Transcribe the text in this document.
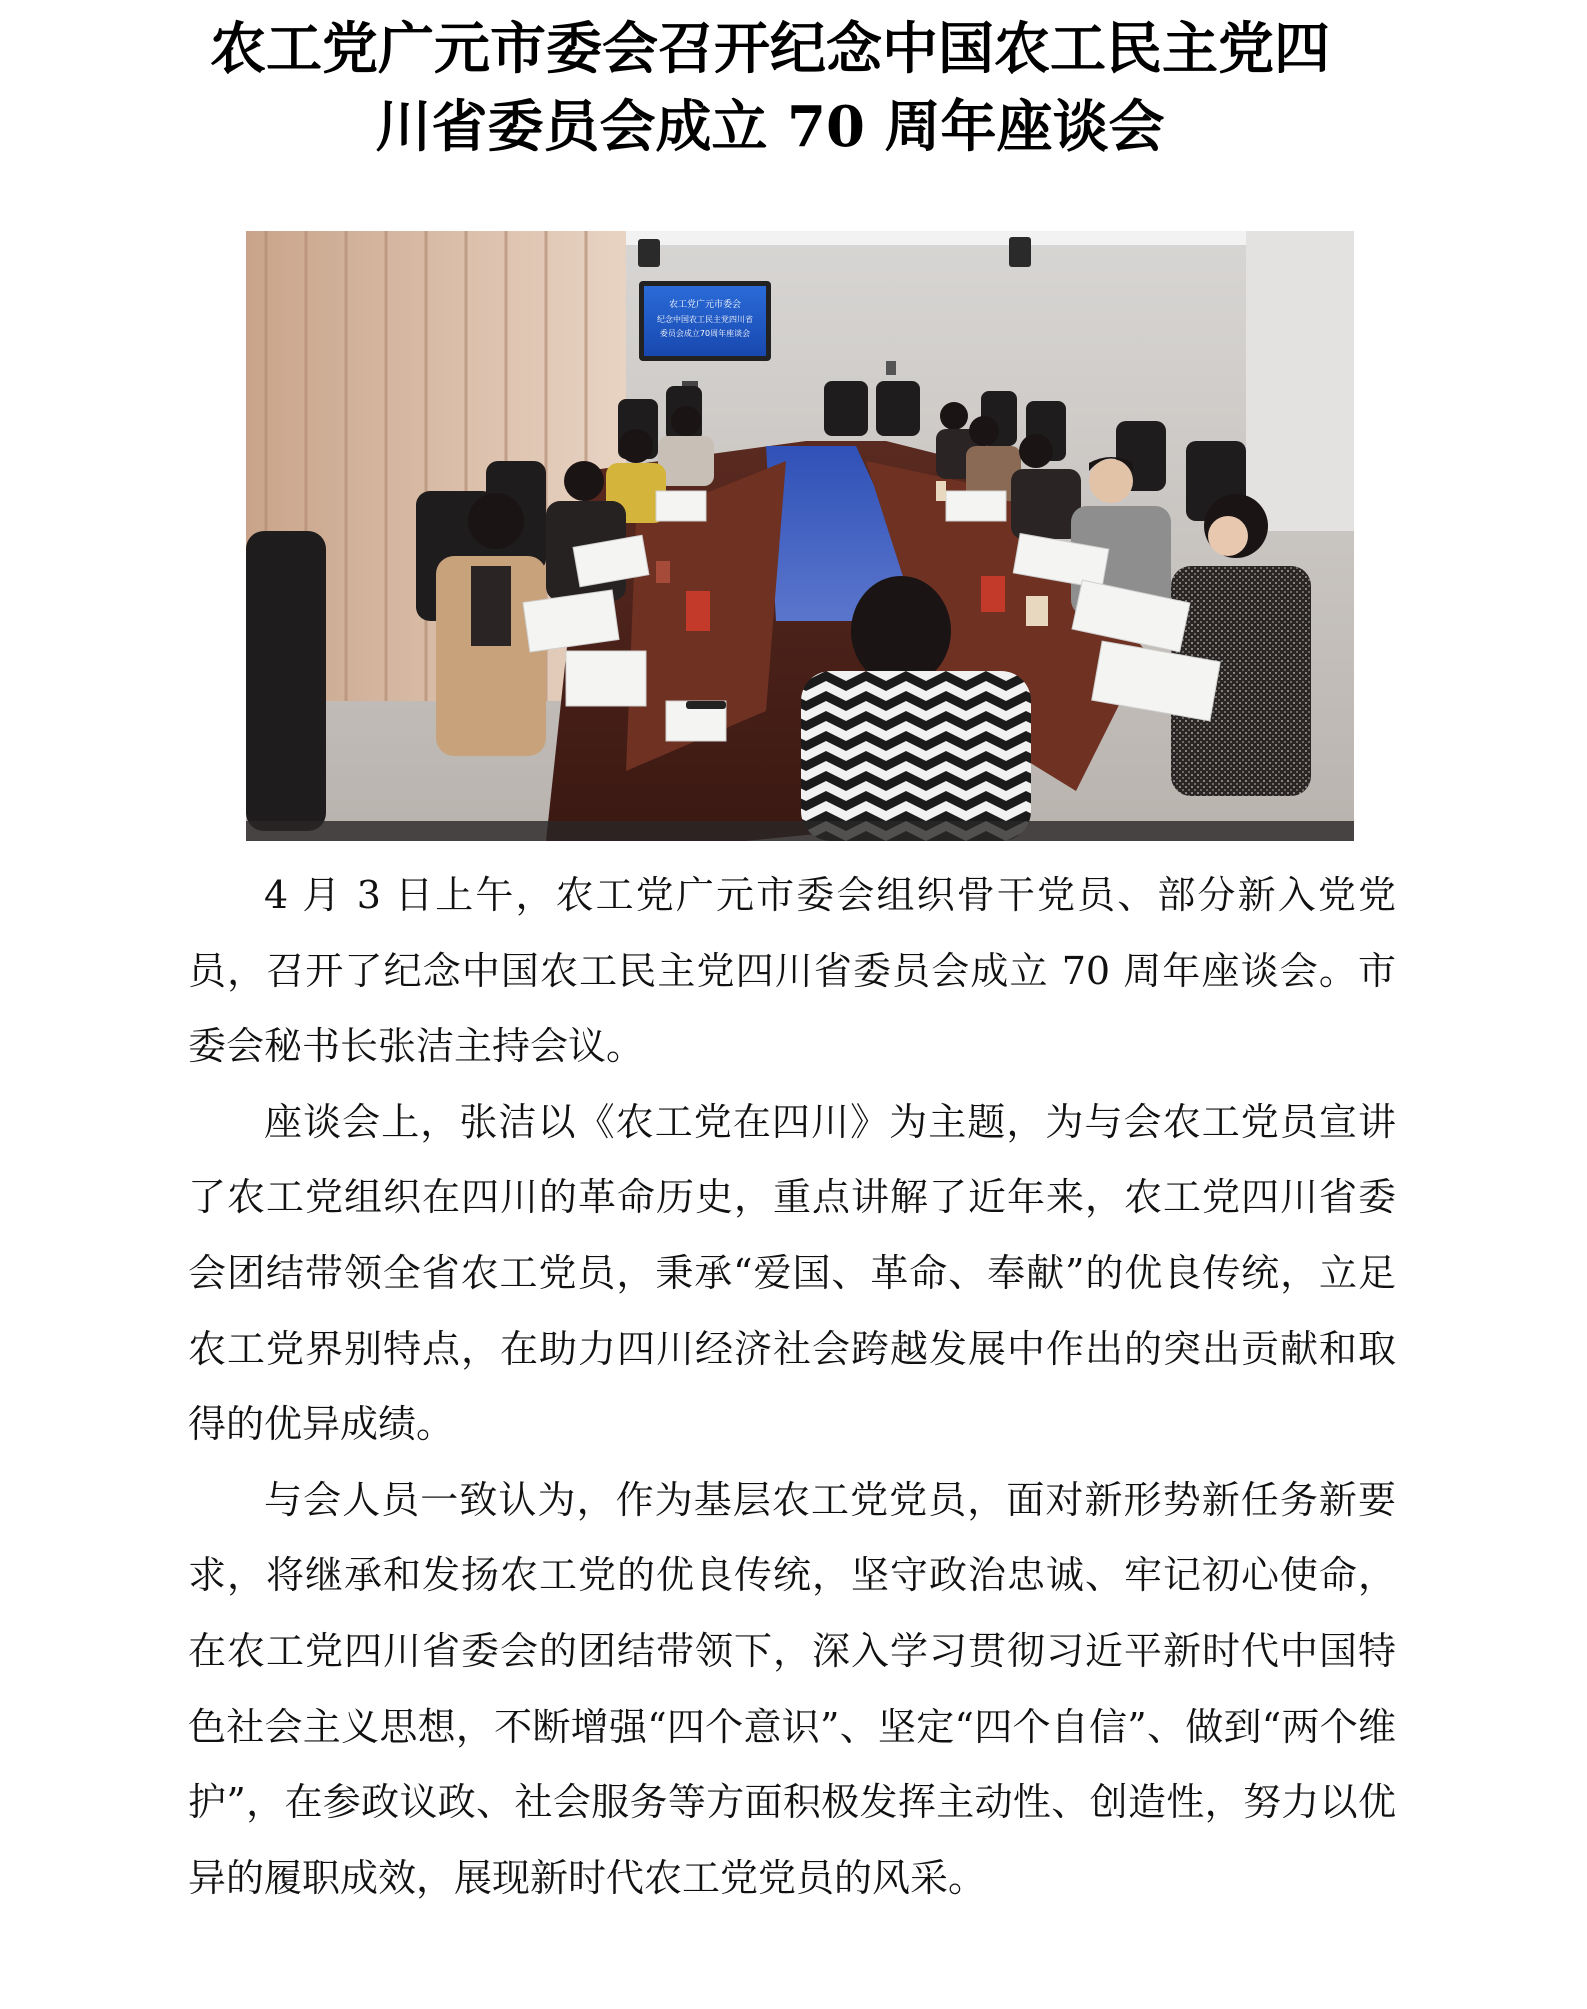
农工党广元市委会召开纪念中国农工民主党四
川省委员会成立 70 周年座谈会
农工党广元市委会
纪念中国农工民主党四川省
委员会成立70周年座谈会

4 月 3 日上午，农工党广元市委会组织骨干党员、部分新入党党员，召开了纪念中国农工民主党四川省委员会成立 70 周年座谈会。市委会秘书长张洁主持会议。

座谈会上，张洁以《农工党在四川》为主题，为与会农工党员宣讲了农工党组织在四川的革命历史，重点讲解了近年来，农工党四川省委会团结带领全省农工党员，秉承“爱国、革命、奉献”的优良传统，立足农工党界别特点，在助力四川经济社会跨越发展中作出的突出贡献和取得的优异成绩。

与会人员一致认为，作为基层农工党党员，面对新形势新任务新要求，将继承和发扬农工党的优良传统，坚守政治忠诚、牢记初心使命，在农工党四川省委会的团结带领下，深入学习贯彻习近平新时代中国特色社会主义思想，不断增强“四个意识”、坚定“四个自信”、做到“两个维护”，在参政议政、社会服务等方面积极发挥主动性、创造性，努力以优异的履职成效，展现新时代农工党党员的风采。
